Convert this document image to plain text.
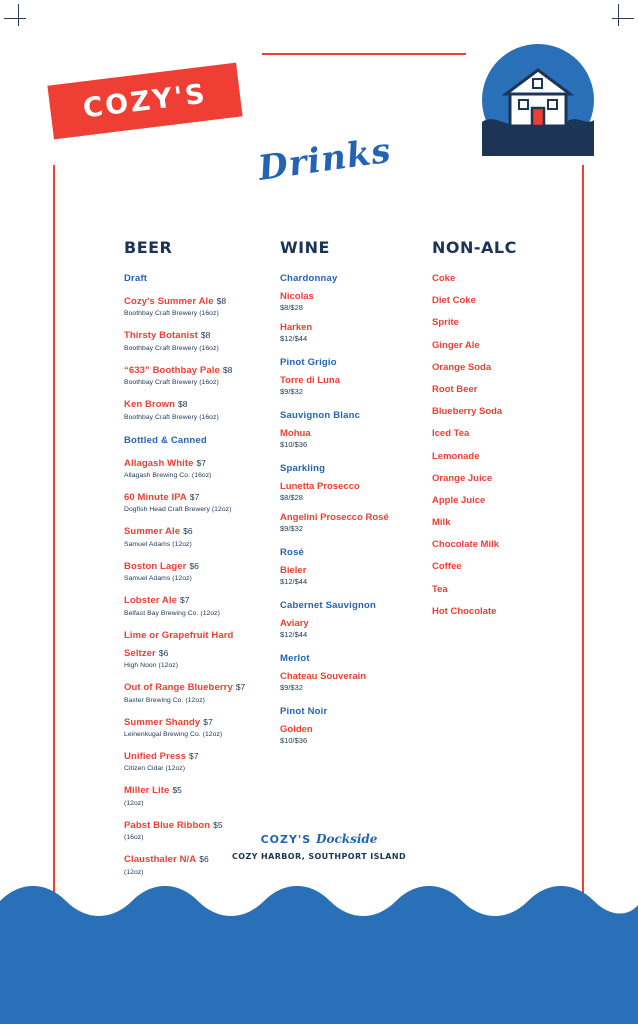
COZY'S
Drinks
BEER
Draft
Cozy's Summer Ale $8
Boothbay Craft Brewery (16oz)
Thirsty Botanist $8
Boothbay Craft Brewery (16oz)
“633” Boothbay Pale $8
Boothbay Craft Brewery (16oz)
Ken Brown $8
Boothbay Craft Brewery (16oz)
Bottled & Canned
Allagash White $7
Allagash Brewing Co. (16oz)
60 Minute IPA $7
Dogfish Head Craft Brewery (12oz)
Summer Ale $6
Samuel Adams (12oz)
Boston Lager $6
Samuel Adams (12oz)
Lobster Ale $7
Belfast Bay Brewing Co. (12oz)
Lime or Grapefruit Hard Seltzer $6
High Noon (12oz)
Out of Range Blueberry $7
Baxter Brewing Co. (12oz)
Summer Shandy $7
Leinenkugal Brewing Co. (12oz)
Unified Press $7
Citizen Cidar (12oz)
Miller Lite $5
(12oz)
Pabst Blue Ribbon $5
(16oz)
Clausthaler N/A $6
(12oz)
WINE
Chardonnay
Nicolas
$8/$28
Harken
$12/$44
Pinot Grigio
Torre di Luna
$9/$32
Sauvignon Blanc
Mohua
$10/$36
Sparkling
Lunetta Prosecco
$8/$28
Angelini Prosecco Rosé
$9/$32
Rosé
Bieler
$12/$44
Cabernet Sauvignon
Aviary
$12/$44
Merlot
Chateau Souverain
$9/$32
Pinot Noir
Golden
$10/$36
NON-ALC
Coke
Diet Coke
Sprite
Ginger Ale
Orange Soda
Root Beer
Blueberry Soda
Iced Tea
Lemonade
Orange Juice
Apple Juice
Milk
Chocolate Milk
Coffee
Tea
Hot Chocolate
COZY'S Dockside
COZY HARBOR, SOUTHPORT ISLAND
